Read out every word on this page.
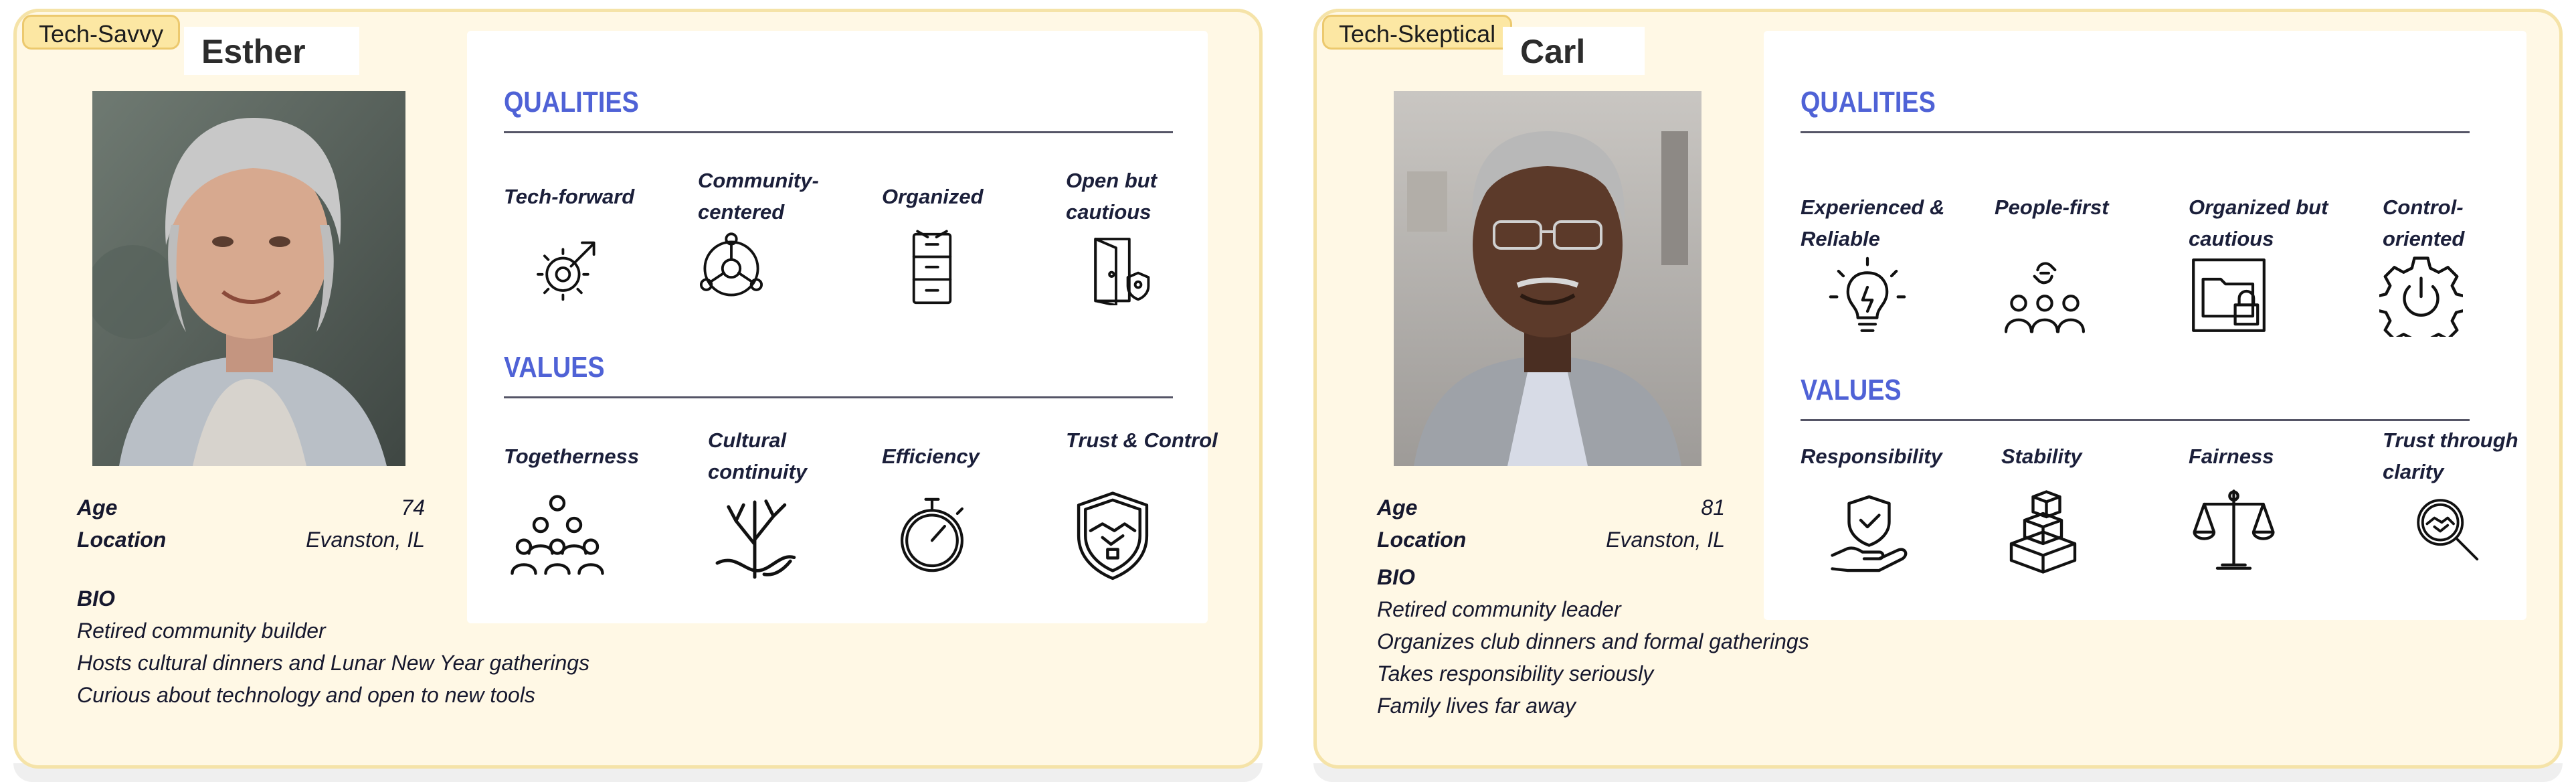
Tech-Savvy	Esther
Age	74
Location	Evanston, IL
BIO
Retired community builder
Hosts cultural dinners and Lunar New Year gatherings
Curious about technology and open to new tools
QUALITIES
Tech-forward
Community-centered
Organized
Open but cautious
VALUES
Togetherness
Cultural continuity
Efficiency
Trust & Control
Tech-Skeptical Carl
Age	81
Location	Evanston, IL
BIO
Retired community leader
Organizes club dinners and formal gatherings
Takes responsibility seriously
Family lives far away
QUALITIES
Experienced & Reliable
People-first	Organized but cautious
Control-oriented
VALUES
Responsibility	Stability	Fairness
Trust through clarity
